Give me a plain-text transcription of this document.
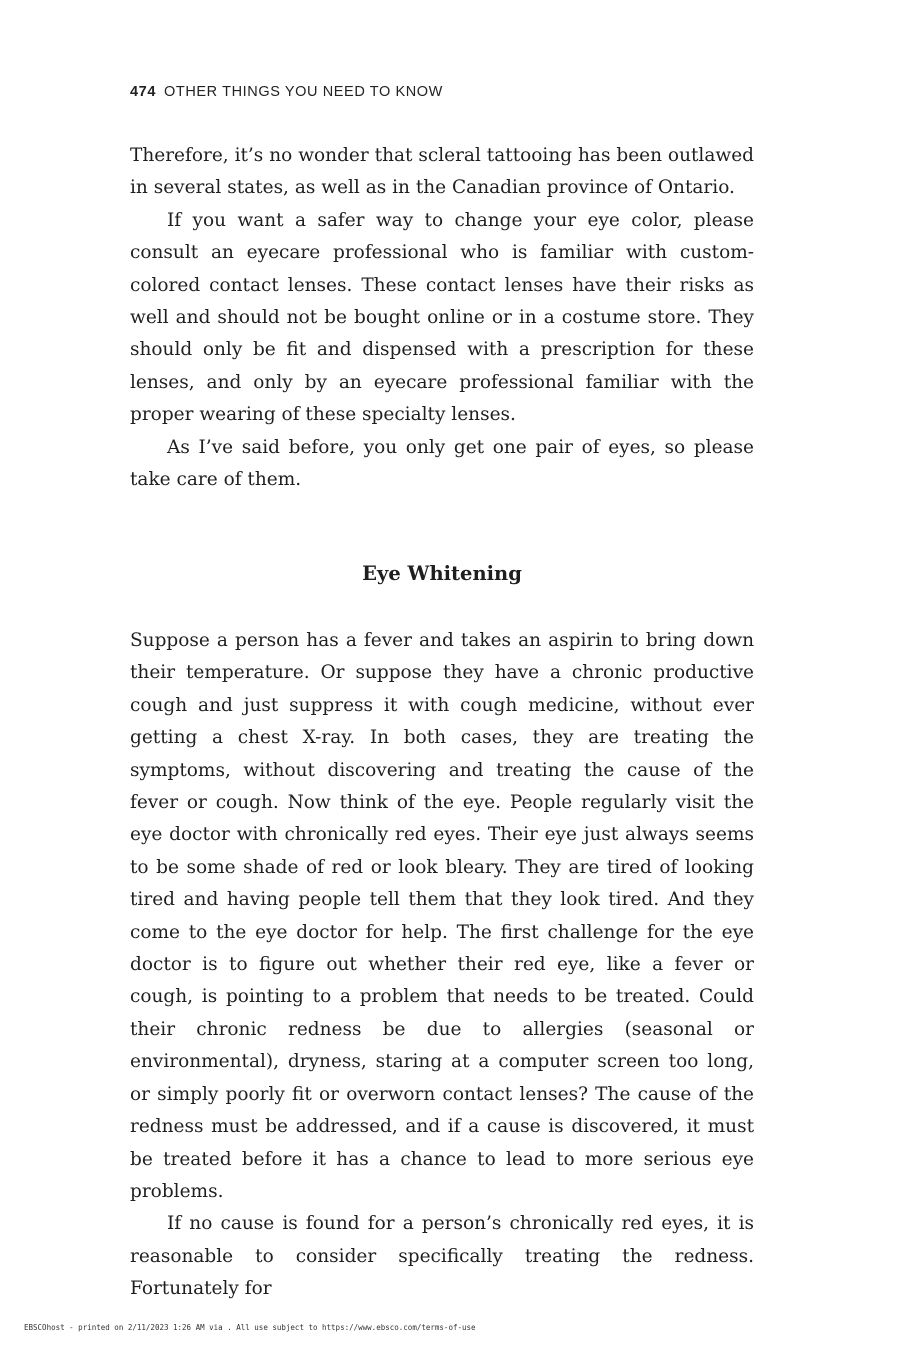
474 OTHER THINGS YOU NEED TO KNOW

Therefore, it’s no wonder that scleral tattooing has been outlawed in several states, as well as in the Canadian province of Ontario.

If you want a safer way to change your eye color, please consult an eyecare professional who is familiar with custom-colored contact lenses. These contact lenses have their risks as well and should not be bought online or in a costume store. They should only be fit and dispensed with a prescription for these lenses, and only by an eyecare professional familiar with the proper wearing of these specialty lenses.

As I’ve said before, you only get one pair of eyes, so please take care of them.

Eye Whitening

Suppose a person has a fever and takes an aspirin to bring down their temperature. Or suppose they have a chronic productive cough and just suppress it with cough medicine, without ever getting a chest X-ray. In both cases, they are treating the symptoms, without discovering and treating the cause of the fever or cough. Now think of the eye. People regularly visit the eye doctor with chronically red eyes. Their eye just always seems to be some shade of red or look bleary. They are tired of looking tired and having people tell them that they look tired. And they come to the eye doctor for help. The first challenge for the eye doctor is to figure out whether their red eye, like a fever or cough, is pointing to a problem that needs to be treated. Could their chronic redness be due to allergies (seasonal or environmental), dryness, staring at a computer screen too long, or simply poorly fit or overworn contact lenses? The cause of the redness must be addressed, and if a cause is discovered, it must be treated before it has a chance to lead to more serious eye problems.

If no cause is found for a person’s chronically red eyes, it is reasonable to consider specifically treating the redness. Fortunately for

EBSCOhost - printed on 2/11/2023 1:26 AM via . All use subject to https://www.ebsco.com/terms-of-use
